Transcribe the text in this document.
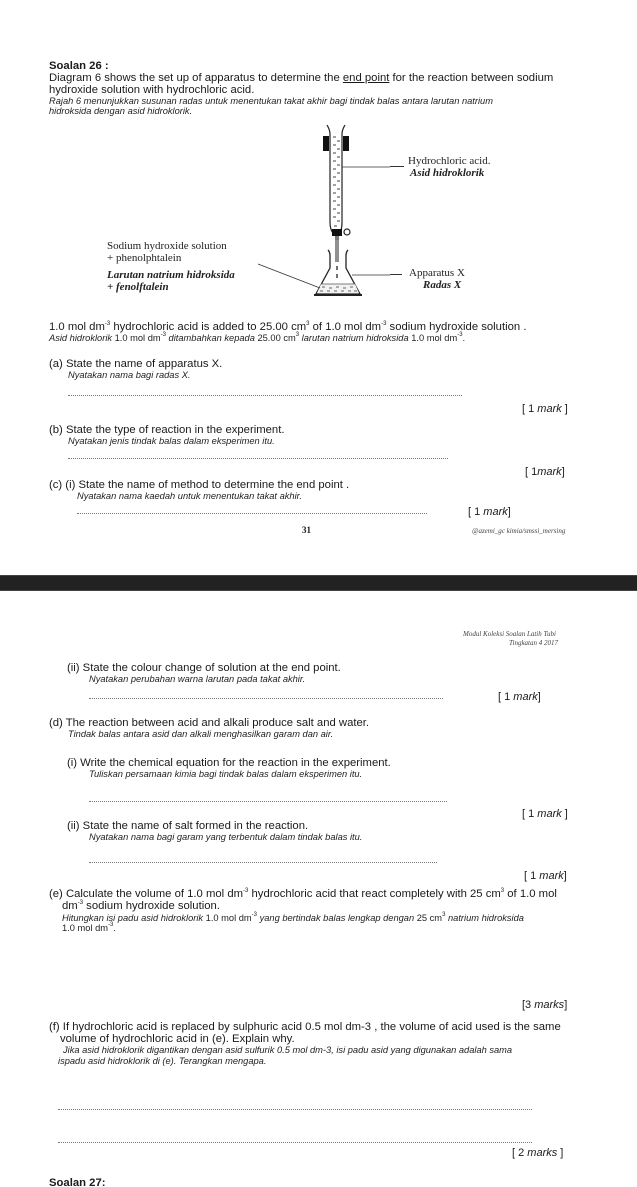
Soalan 26 :
Diagram 6 shows the set up of apparatus to determine the end point for the reaction between sodium
hydroxide solution with hydrochloric acid.
Rajah 6 menunjukkan susunan radas untuk menentukan takat akhir bagi tindak balas antara larutan natrium
hidroksida dengan asid hidroklorik.
Hydrochloric acid.
Asid hidroklorik
Sodium hydroxide solution
+ phenolphtalein
Larutan natrium hidroksida
+ fenolftalein
Apparatus X
Radas X
1.0 mol $dm^{-3}$ hydrochloric acid is added to 25.00 $cm^3$ of 1.0 mol $dm^{-3}$ sodium hydroxide solution .
Asid hidroklorik 1.0 mol $dm^{-3}$ ditambahkan kepada 25.00 $cm^3$ larutan natrium hidroksida 1.0 mol $dm^{-3}$.
(a) State the name of apparatus X.
Nyatakan nama bagi radas X.
[ 1 mark ]
(b) State the type of reaction in the experiment.
Nyatakan jenis tindak balas dalam eksperimen itu.
[ 1mark]
(c) (i) State the name of method to determine the end point .
Nyatakan nama kaedah untuk menentukan takat akhir.
[ 1 mark]
31	@azemi_gc kimia/smssi_mersing
Modul Koleksi Soalan Latih Tubi
Tingkatan 4 2017
(ii) State the colour change of solution at the end point.
Nyatakan perubahan warna larutan pada takat akhir.
[ 1 mark]
(d) The reaction between acid and alkali produce salt and water.
Tindak balas antara asid dan alkali menghasilkan garam dan air.
(i) Write the chemical equation for the reaction in the experiment.
Tuliskan persamaan kimia bagi tindak balas dalam eksperimen itu.
[ 1 mark ]
(ii) State the name of salt formed in the reaction.
Nyatakan nama bagi garam yang terbentuk dalam tindak balas itu.
[ 1 mark]
(e) Calculate the volume of 1.0 mol $dm^{-3}$ hydrochloric acid that react completely with 25 $cm^3$ of 1.0 mol
$dm^{-3}$ sodium hydroxide solution.
Hitungkan isi padu asid hidroklorik 1.0 mol $dm^{-3}$ yang bertindak balas lengkap dengan 25 $cm^3$ natrium hidroksida
1.0 mol $dm^{-3}$.
[3 marks]
(f) If hydrochloric acid is replaced by sulphuric acid 0.5 mol dm-3 , the volume of acid used is the same
volume of hydrochloric acid in (e). Explain why.
Jika asid hidroklorik digantikan dengan asid sulfurik 0.5 mol dm-3, isi padu asid yang digunakan adalah sama
ispadu asid hidroklorik di (e). Terangkan mengapa.
[ 2 marks ]
Soalan 27:
